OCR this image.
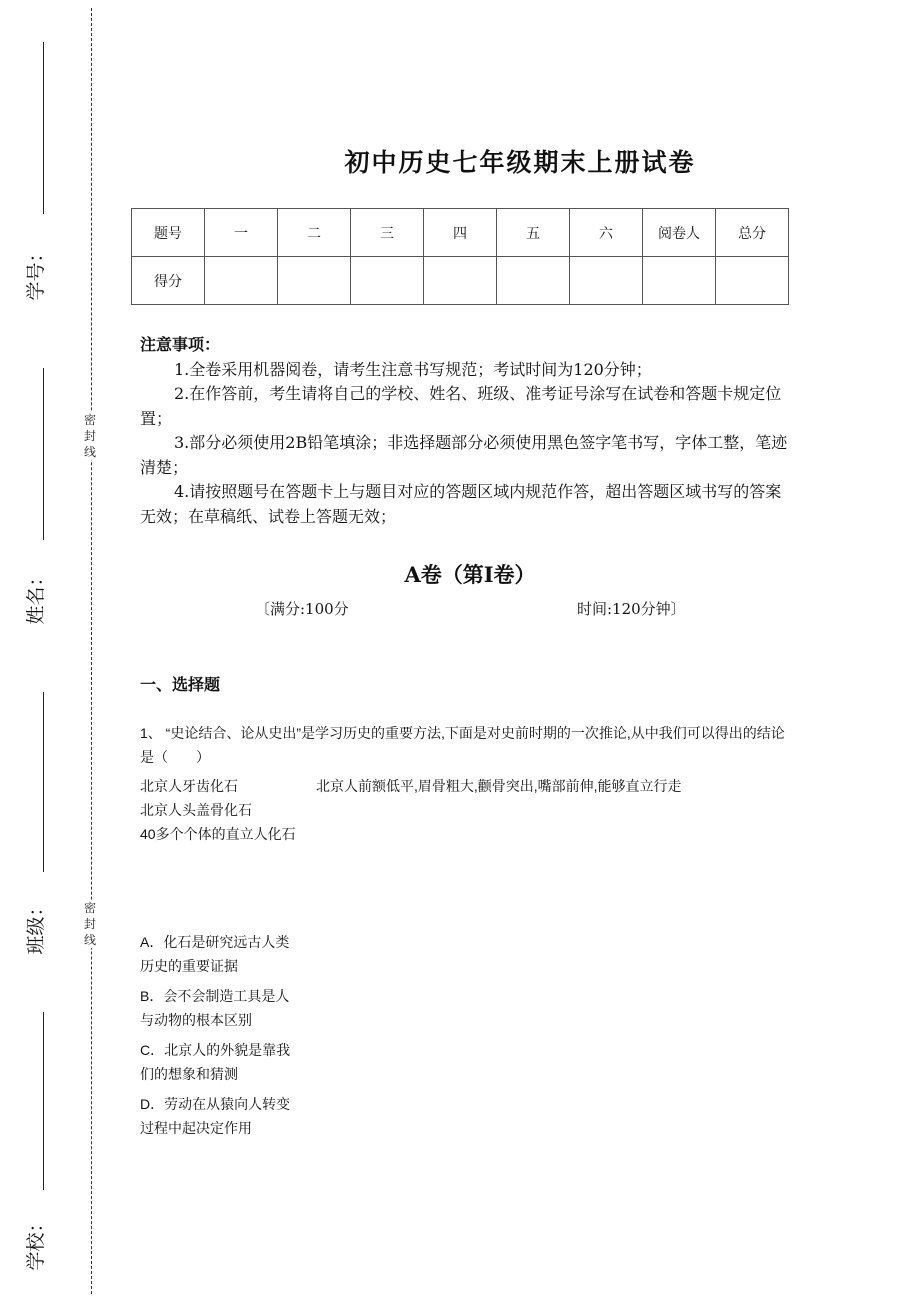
学号：
姓名：
班级：
学校：
密
封
线
密
封
线
初中历史七年级期末上册试卷
题号	一	二	三	四	五	六	阅卷人	总分
得分								
注意事项：
1.全卷采用机器阅卷，请考生注意书写规范；考试时间为120分钟；
2.在作答前，考生请将自己的学校、姓名、班级、准考证号涂写在试卷和答题卡规定位置；
3.部分必须使用2B铅笔填涂；非选择题部分必须使用黑色签字笔书写，字体工整，笔迹清楚；
4.请按照题号在答题卡上与题目对应的答题区域内规范作答，超出答题区域书写的答案无效；在草稿纸、试卷上答题无效；
A卷（第I卷）
〔满分:100分	时间:120分钟〕
一、选择题
1、 “史论结合、论从史出”是学习历史的重要方法,下面是对史前时期的一次推论,从中我们可以得出的结论是（　　）
北京人牙齿化石
北京人头盖骨化石
40多个个体的直立人化石
北京人前额低平,眉骨粗大,颧骨突出,嘴部前伸,能够直立行走
A．化石是研究远古人类历史的重要证据
B．会不会制造工具是人与动物的根本区别
C．北京人的外貌是靠我们的想象和猜测
D．劳动在从猿向人转变过程中起决定作用
